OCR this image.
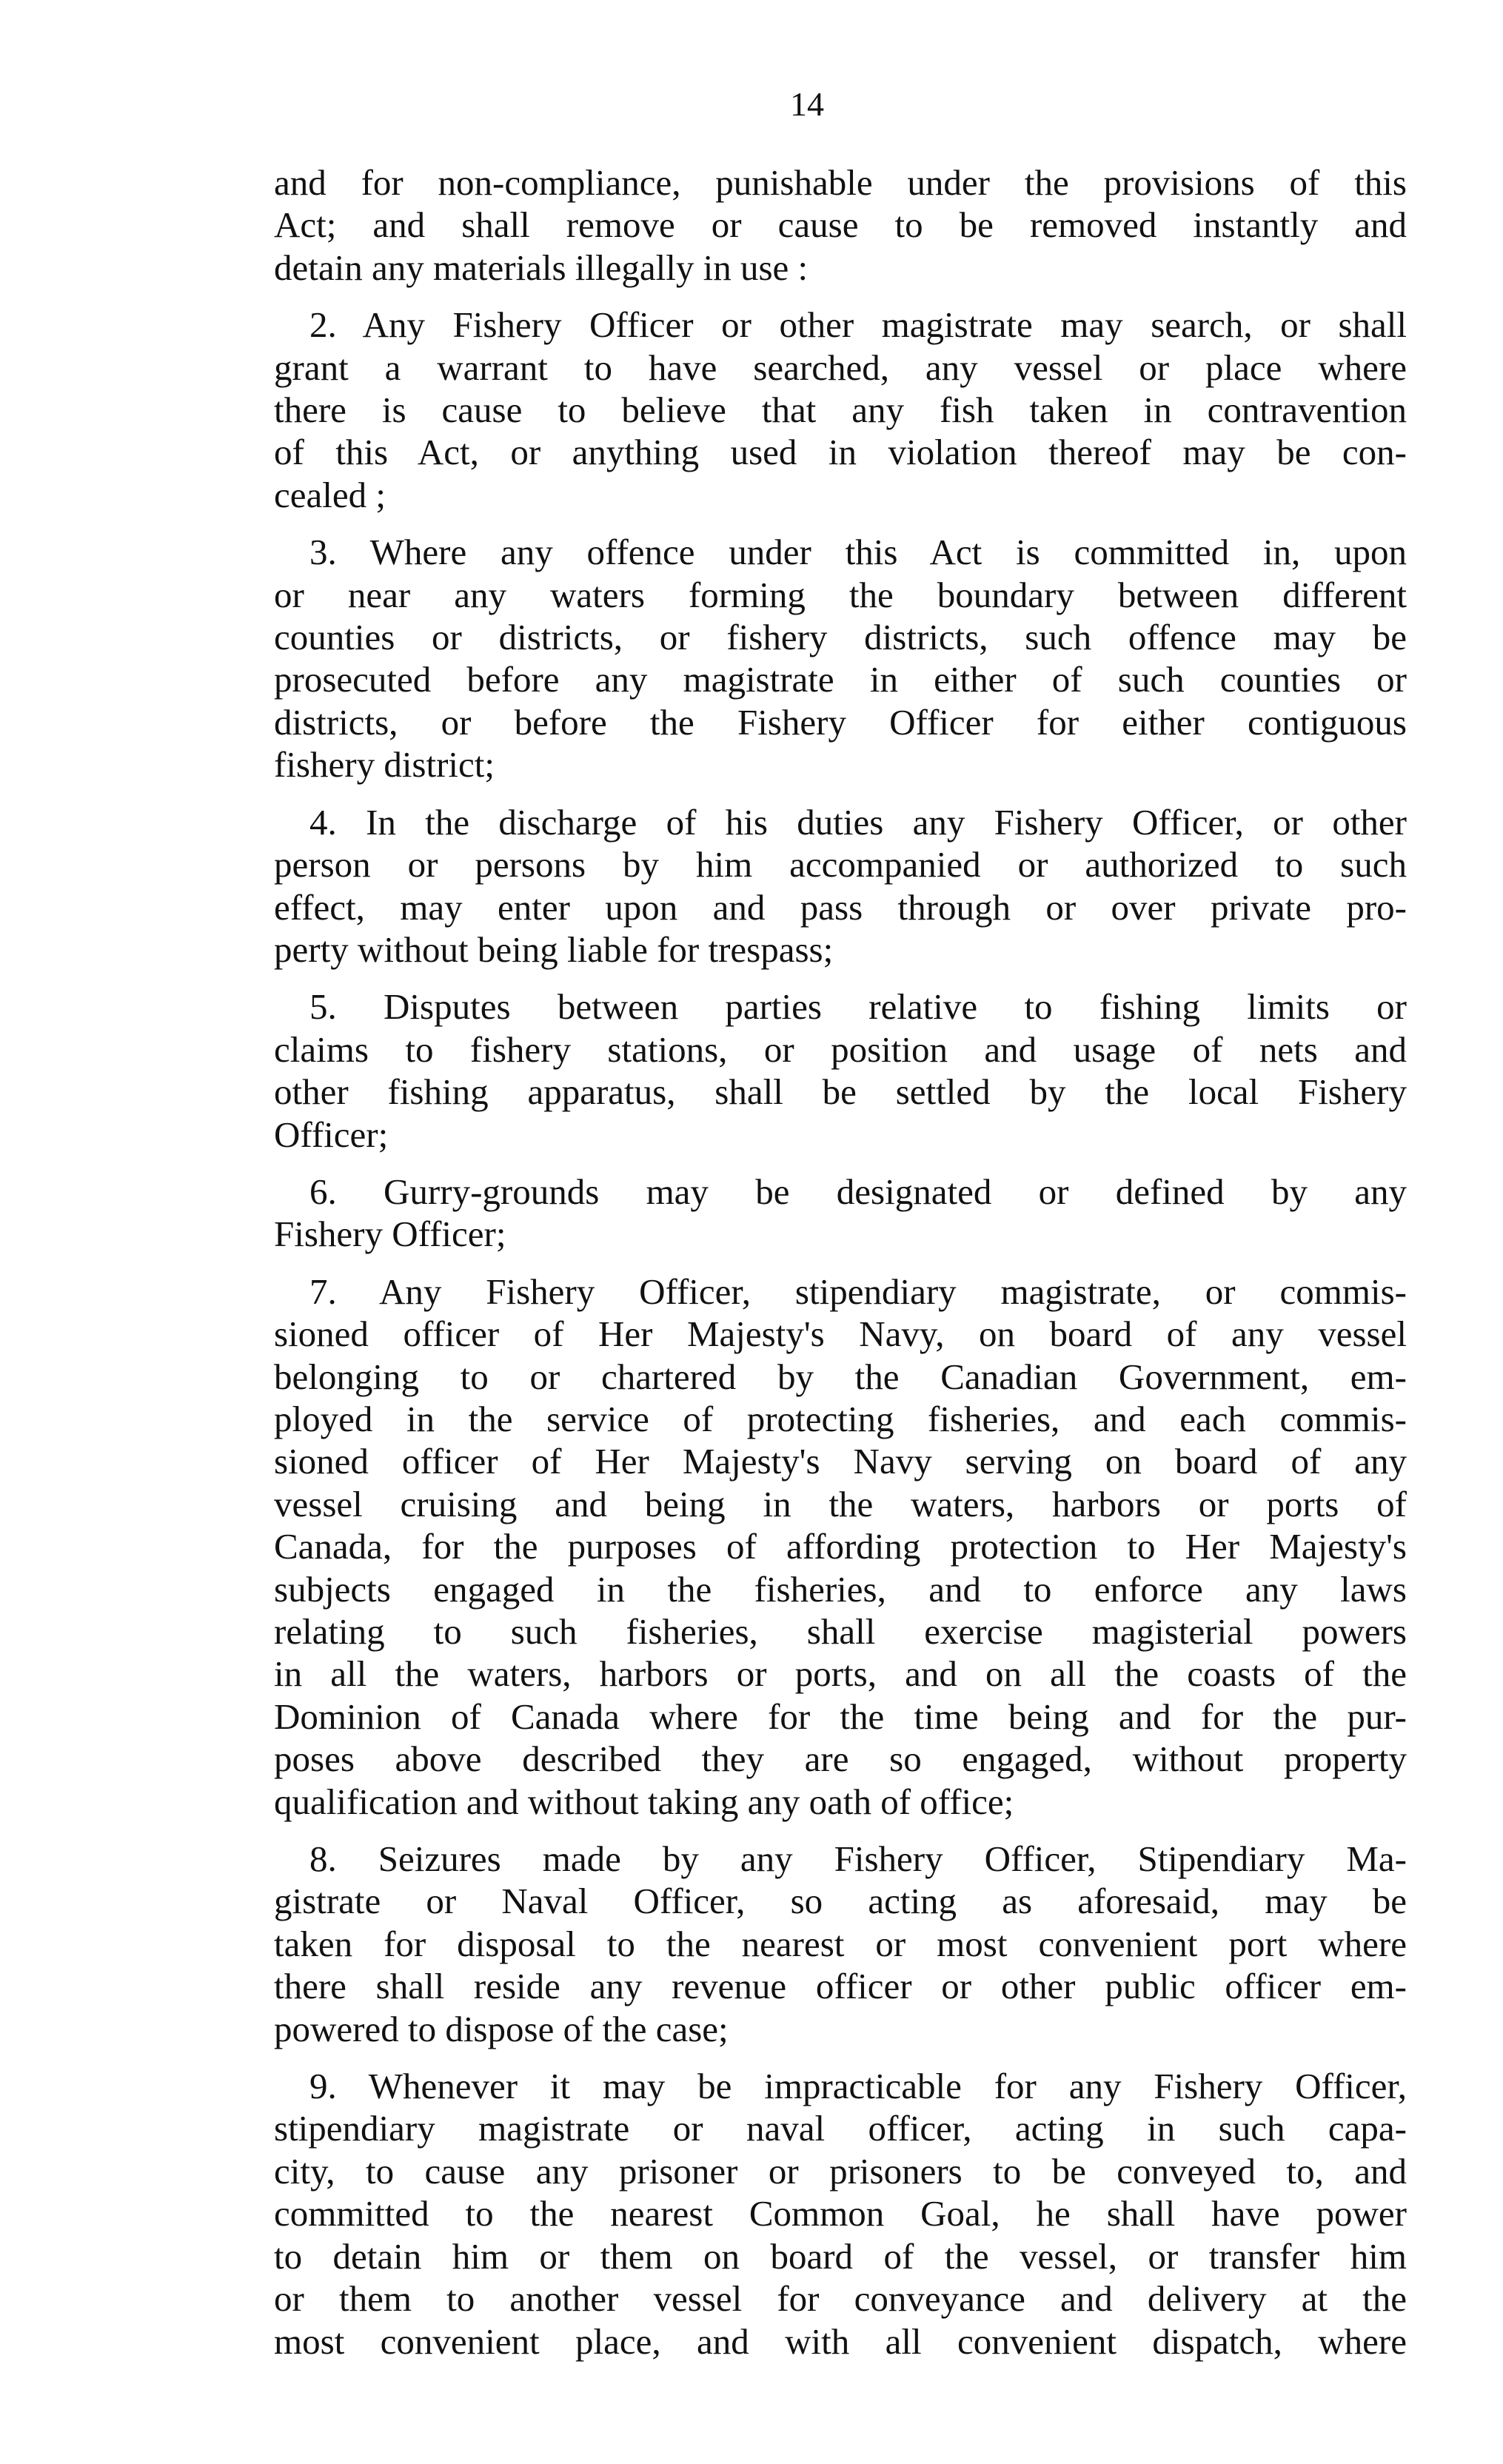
14
and for non-compliance, punishable under the provisions of this
Act; and shall remove or cause to be removed instantly and
detain any materials illegally in use :
2. Any Fishery Officer or other magistrate may search, or shall
grant a warrant to have searched, any vessel or place where
there is cause to believe that any fish taken in contravention
of this Act, or anything used in violation thereof may be con-
cealed ;
3. Where any offence under this Act is committed in, upon
or near any waters forming the boundary between different
counties or districts, or fishery districts, such offence may be
prosecuted before any magistrate in either of such counties or
districts, or before the Fishery Officer for either contiguous
fishery district;
4. In the discharge of his duties any Fishery Officer, or other
person or persons by him accompanied or authorized to such
effect, may enter upon and pass through or over private pro-
perty without being liable for trespass;
5. Disputes between parties relative to fishing limits or
claims to fishery stations, or position and usage of nets and
other fishing apparatus, shall be settled by the local Fishery
Officer;
6. Gurry-grounds may be designated or defined by any
Fishery Officer;
7. Any Fishery Officer, stipendiary magistrate, or commis-
sioned officer of Her Majesty's Navy, on board of any vessel
belonging to or chartered by the Canadian Government, em-
ployed in the service of protecting fisheries, and each commis-
sioned officer of Her Majesty's Navy serving on board of any
vessel cruising and being in the waters, harbors or ports of
Canada, for the purposes of affording protection to Her Majesty's
subjects engaged in the fisheries, and to enforce any laws
relating to such fisheries, shall exercise magisterial powers
in all the waters, harbors or ports, and on all the coasts of the
Dominion of Canada where for the time being and for the pur-
poses above described they are so engaged, without property
qualification and without taking any oath of office;
8. Seizures made by any Fishery Officer, Stipendiary Ma-
gistrate or Naval Officer, so acting as aforesaid, may be
taken for disposal to the nearest or most convenient port where
there shall reside any revenue officer or other public officer em-
powered to dispose of the case;
9. Whenever it may be impracticable for any Fishery Officer,
stipendiary magistrate or naval officer, acting in such capa-
city, to cause any prisoner or prisoners to be conveyed to, and
committed to the nearest Common Goal, he shall have power
to detain him or them on board of the vessel, or transfer him
or them to another vessel for conveyance and delivery at the
most convenient place, and with all convenient dispatch, where
